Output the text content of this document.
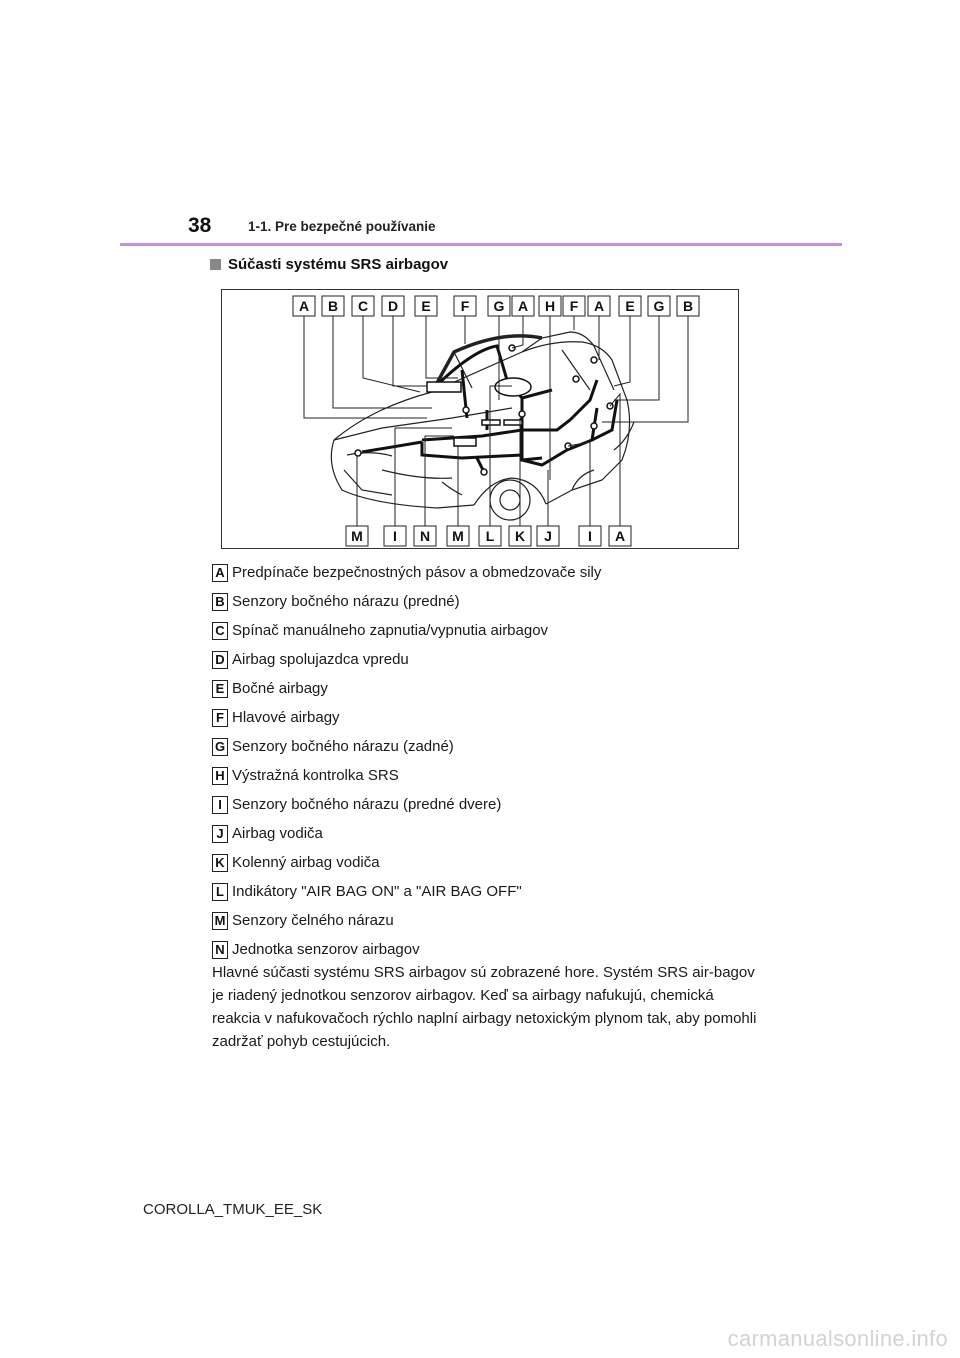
38	1-1. Pre bezpečné používanie
Súčasti systému SRS airbagov
A B C D E F G A H F A E G B
M I N M L K J	I A
A Predpínače bezpečnostných pásov a obmedzovače sily
B Senzory bočného nárazu (predné)
C Spínač manuálneho zapnutia/vypnutia airbagov
D Airbag spolujazdca vpredu
E Bočné airbagy
F Hlavové airbagy
G Senzory bočného nárazu (zadné)
H Výstražná kontrolka SRS
I Senzory bočného nárazu (predné dvere)
J Airbag vodiča
K Kolenný airbag vodiča
L Indikátory "AIR BAG ON" a "AIR BAG OFF"
M Senzory čelného nárazu
N Jednotka senzorov airbagov

Hlavné súčasti systému SRS airbagov sú zobrazené hore. Systém SRS air-bagov je riadený jednotkou senzorov airbagov. Keď sa airbagy nafukujú, chemická reakcia v nafukovačoch rýchlo naplní airbagy netoxickým plynom tak, aby pomohli zadržať pohyb cestujúcich.

COROLLA_TMUK_EE_SK
carmanualsonline.info
